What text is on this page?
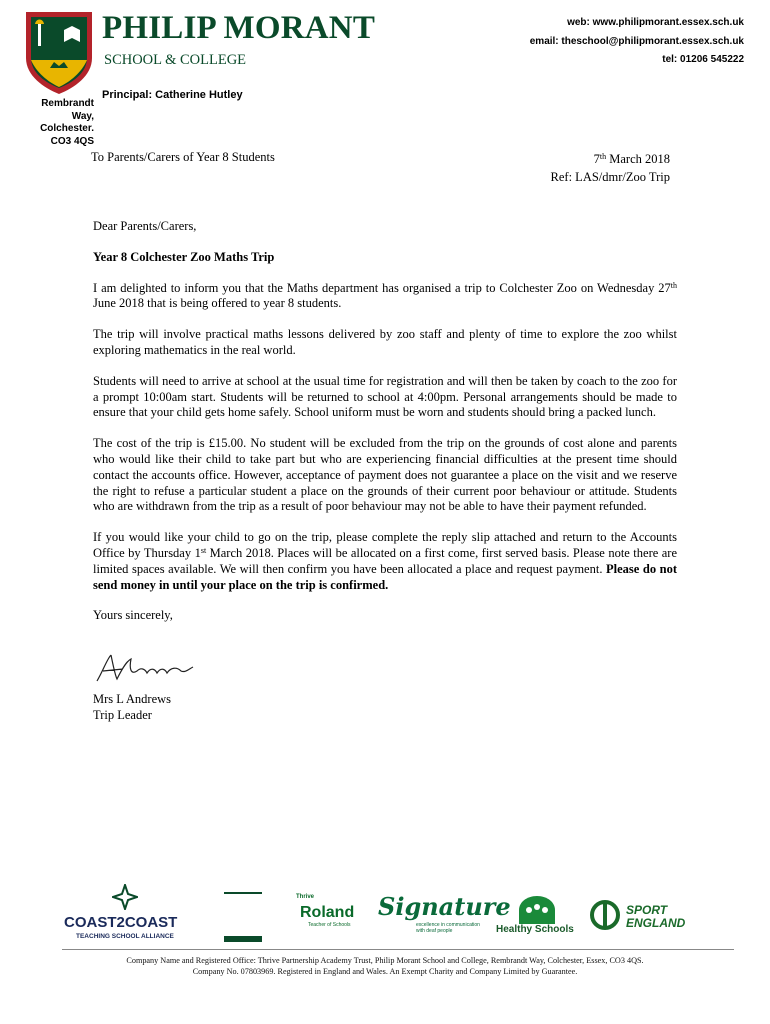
PHILIP MORANT
SCHOOL & COLLEGE
Principal: Catherine Hutley
Rembrandt Way,
Colchester.
CO3 4QS
web: www.philipmorant.essex.sch.uk
email: theschool@philipmorant.essex.sch.uk
tel: 01206 545222
To Parents/Carers of Year 8 Students	7th March 2018
Ref: LAS/dmr/Zoo Trip

Dear Parents/Carers,

Year 8 Colchester Zoo Maths Trip

I am delighted to inform you that the Maths department has organised a trip to Colchester Zoo on Wednesday 27th June 2018 that is being offered to year 8 students.

The trip will involve practical maths lessons delivered by zoo staff and plenty of time to explore the zoo whilst exploring mathematics in the real world.

Students will need to arrive at school at the usual time for registration and will then be taken by coach to the zoo for a prompt 10:00am start. Students will be returned to school at 4:00pm. Personal arrangements should be made to ensure that your child gets home safely. School uniform must be worn and students should bring a packed lunch.

The cost of the trip is £15.00. No student will be excluded from the trip on the grounds of cost alone and parents who would like their child to take part but who are experiencing financial difficulties at the present time should contact the accounts office. However, acceptance of payment does not guarantee a place on the visit and we reserve the right to refuse a particular student a place on the grounds of their current poor behaviour or attitude. Students who are withdrawn from the trip as a result of poor behaviour may not be able to have their payment refunded.

If you would like your child to go on the trip, please complete the reply slip attached and return to the Accounts Office by Thursday 1st March 2018. Places will be allocated on a first come, first served basis. Please note there are limited spaces available. We will then confirm you have been allocated a place and request payment. Please do not send money in until your place on the trip is confirmed.

Yours sincerely,

Mrs L Andrews
Trip Leader
COAST2COAST
TEACHING SCHOOL ALLIANCE
Thrive
Roland
Teacher of Schools
Signature
excellence in communication with deaf people	Healthy Schools
SPORT
ENGLAND
Company Name and Registered Office: Thrive Partnership Academy Trust, Philip Morant School and College, Rembrandt Way, Colchester, Essex, CO3 4QS.
Company No. 07803969. Registered in England and Wales. An Exempt Charity and Company Limited by Guarantee.
